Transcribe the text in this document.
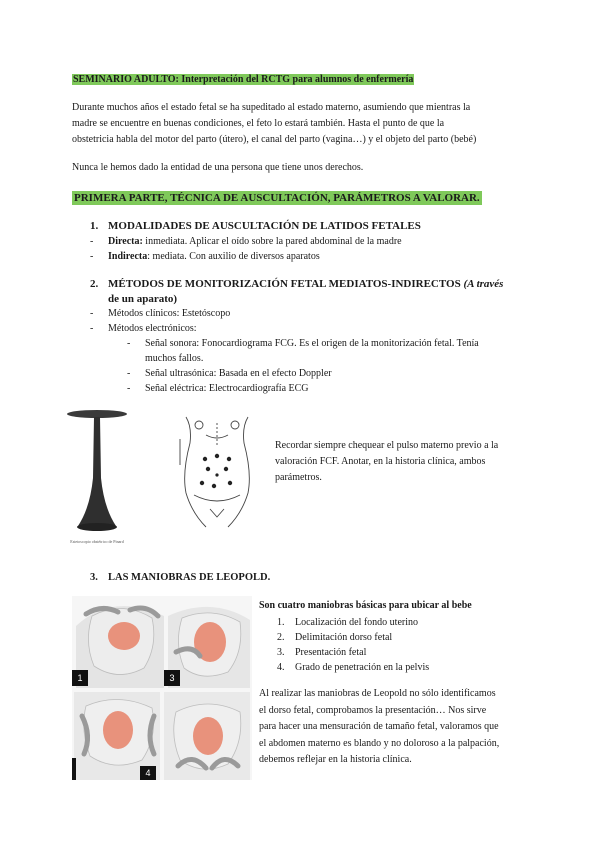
SEMINARIO ADULTO: Interpretación del RCTG para alumnos de enfermería
Durante muchos años el estado fetal se ha supeditado al estado materno, asumiendo que mientras la
madre se encuentre en buenas condiciones, el feto lo estará también. Hasta el punto de que la
obstetricia habla del motor del parto (útero), el canal del parto (vagina…) y el objeto del parto (bebé)
Nunca le hemos dado la entidad de una persona que tiene unos derechos.
PRIMERA PARTE, TÉCNICA DE AUSCULTACIÓN, PARÁMETROS A VALORAR.
1. MODALIDADES DE AUSCULTACIÓN DE LATIDOS FETALES
- Directa: inmediata. Aplicar el oído sobre la pared abdominal de la madre
- Indirecta: mediata. Con auxilio de diversos aparatos
2. MÉTODOS DE MONITORIZACIÓN FETAL MEDIATOS-INDIRECTOS (A través
de un aparato)
- Métodos clínicos: Estetóscopo
- Métodos electrónicos:
- Señal sonora: Fonocardiograma FCG. Es el origen de la monitorización fetal. Tenía
muchos fallos.
- Señal ultrasónica: Basada en el efecto Doppler
- Señal eléctrica: Electrocardiografía ECG
Estetoscopio obstétrico de Pinard
Recordar siempre chequear el pulso materno previo a la
valoración FCF. Anotar, en la historia clínica, ambos
parámetros.
3. LAS MANIOBRAS DE LEOPOLD.
1	3
4
Son cuatro maniobras básicas para ubicar al bebe
1. Localización del fondo uterino
2. Delimitación dorso fetal
3. Presentación fetal
4. Grado de penetración en la pelvis
Al realizar las maniobras de Leopold no sólo identificamos
el dorso fetal, comprobamos la presentación… Nos sirve
para hacer una mensuración de tamaño fetal, valoramos que
el abdomen materno es blando y no doloroso a la palpación,
debemos reflejar en la historia clínica.
